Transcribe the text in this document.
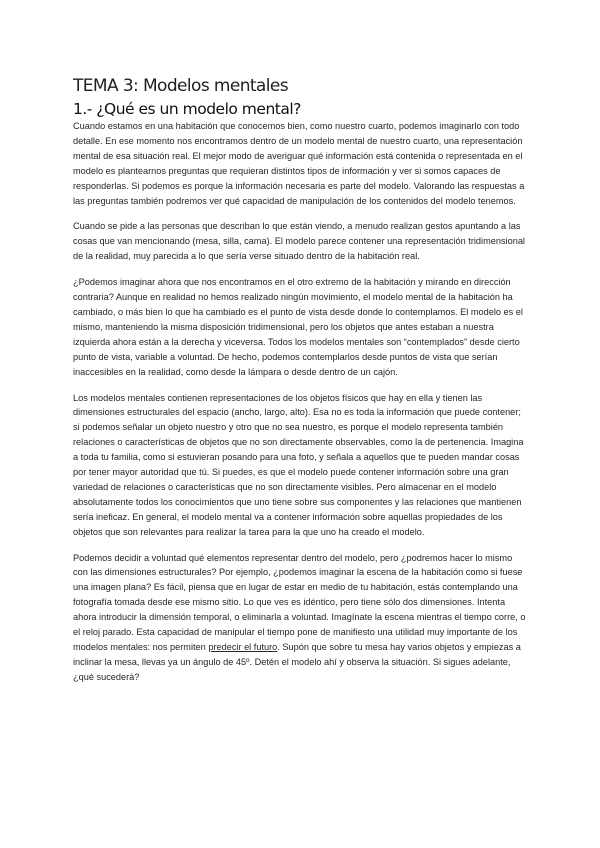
TEMA 3: Modelos mentales
1.- ¿Qué es un modelo mental?

Cuando estamos en una habitación que conocemos bien, como nuestro cuarto, podemos imaginarlo con todo detalle. En ese momento nos encontramos dentro de un modelo mental de nuestro cuarto, una representación mental de esa situación real. El mejor modo de averiguar qué información está contenida o representada en el modelo es plantearnos preguntas que requieran distintos tipos de información y ver si somos capaces de responderlas. Si podemos es porque la información necesaria es parte del modelo. Valorando las respuestas a las preguntas también podremos ver qué capacidad de manipulación de los contenidos del modelo tenemos.

Cuando se pide a las personas que describan lo que están viendo, a menudo realizan gestos apuntando a las cosas que van mencionando (mesa, silla, cama). El modelo parece contener una representación tridimensional de la realidad, muy parecida a lo que sería verse situado dentro de la habitación real.

¿Podemos imaginar ahora que nos encontramos en el otro extremo de la habitación y mirando en dirección contraria? Aunque en realidad no hemos realizado ningún movimiento, el modelo mental de la habitación ha cambiado, o más bien lo que ha cambiado es el punto de vista desde donde lo contemplamos. El modelo es el mismo, manteniendo la misma disposición tridimensional, pero los objetos que antes estaban a nuestra izquierda ahora están a la derecha y viceversa. Todos los modelos mentales son “contemplados” desde cierto punto de vista, variable a voluntad. De hecho, podemos contemplarlos desde puntos de vista que serían inaccesibles en la realidad, como desde la lámpara o desde dentro de un cajón.

Los modelos mentales contienen representaciones de los objetos físicos que hay en ella y tienen las dimensiones estructurales del espacio (ancho, largo, alto). Esa no es toda la información que puede contener; si podemos señalar un objeto nuestro y otro que no sea nuestro, es porque el modelo representa también relaciones o características de objetos que no son directamente observables, como la de pertenencia. Imagina a toda tu familia, como si estuvieran posando para una foto, y señala a aquellos que te pueden mandar cosas por tener mayor autoridad que tú. Si puedes, es que el modelo puede contener información sobre una gran variedad de relaciones o características que no son directamente visibles. Pero almacenar en el modelo absolutamente todos los conocimientos que uno tiene sobre sus componentes y las relaciones que mantienen sería ineficaz. En general, el modelo mental va a contener información sobre aquellas propiedades de los objetos que son relevantes para realizar la tarea para la que uno ha creado el modelo.

Podemos decidir a voluntad qué elementos representar dentro del modelo, pero ¿podremos hacer lo mismo con las dimensiones estructurales? Por ejemplo, ¿podemos imaginar la escena de la habitación como si fuese una imagen plana? Es fácil, piensa que en lugar de estar en medio de tu habitación, estás contemplando una fotografía tomada desde ese mismo sitio. Lo que ves es idéntico, pero tiene sólo dos dimensiones. Intenta ahora introducir la dimensión temporal, o eliminarla a voluntad. Imagínate la escena mientras el tiempo corre, o el reloj parado. Esta capacidad de manipular el tiempo pone de manifiesto una utilidad muy importante de los modelos mentales: nos permiten predecir el futuro. Supón que sobre tu mesa hay varios objetos y empiezas a inclinar la mesa, llevas ya un ángulo de 45º. Detén el modelo ahí y observa la situación. Si sigues adelante, ¿qué sucederá?
